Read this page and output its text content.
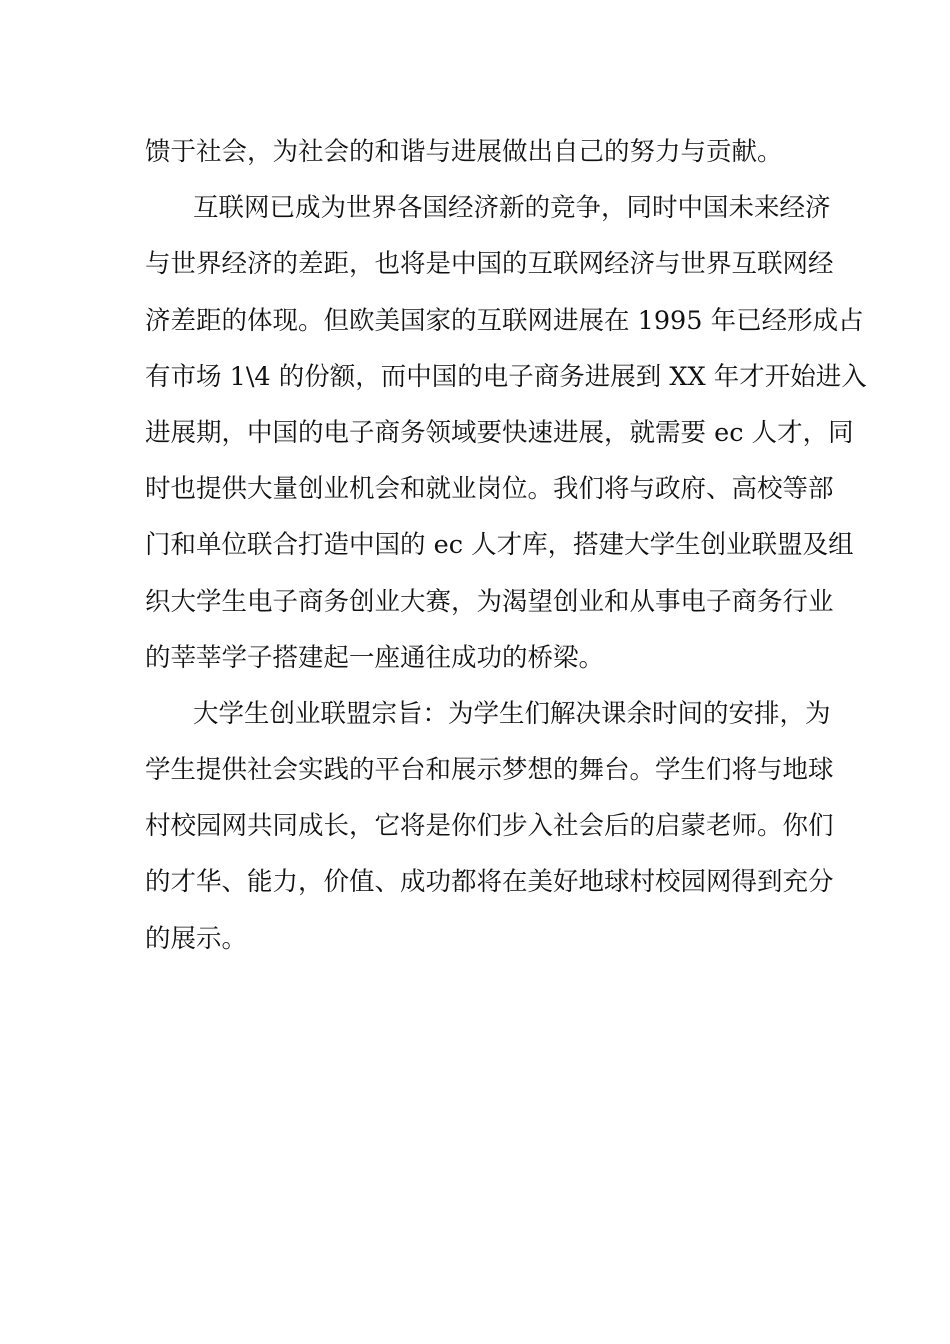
馈于社会，为社会的和谐与进展做出自己的努力与贡献。
互联网已成为世界各国经济新的竞争，同时中国未来经济
与世界经济的差距，也将是中国的互联网经济与世界互联网经
济差距的体现。但欧美国家的互联网进展在 1995 年已经形成占
有市场 1\4 的份额，而中国的电子商务进展到 XX 年才开始进入
进展期，中国的电子商务领域要快速进展，就需要 ec 人才，同
时也提供大量创业机会和就业岗位。我们将与政府、高校等部
门和单位联合打造中国的 ec 人才库，搭建大学生创业联盟及组
织大学生电子商务创业大赛，为渴望创业和从事电子商务行业
的莘莘学子搭建起一座通往成功的桥梁。
大学生创业联盟宗旨：为学生们解决课余时间的安排，为
学生提供社会实践的平台和展示梦想的舞台。学生们将与地球
村校园网共同成长，它将是你们步入社会后的启蒙老师。你们
的才华、能力，价值、成功都将在美好地球村校园网得到充分
的展示。
